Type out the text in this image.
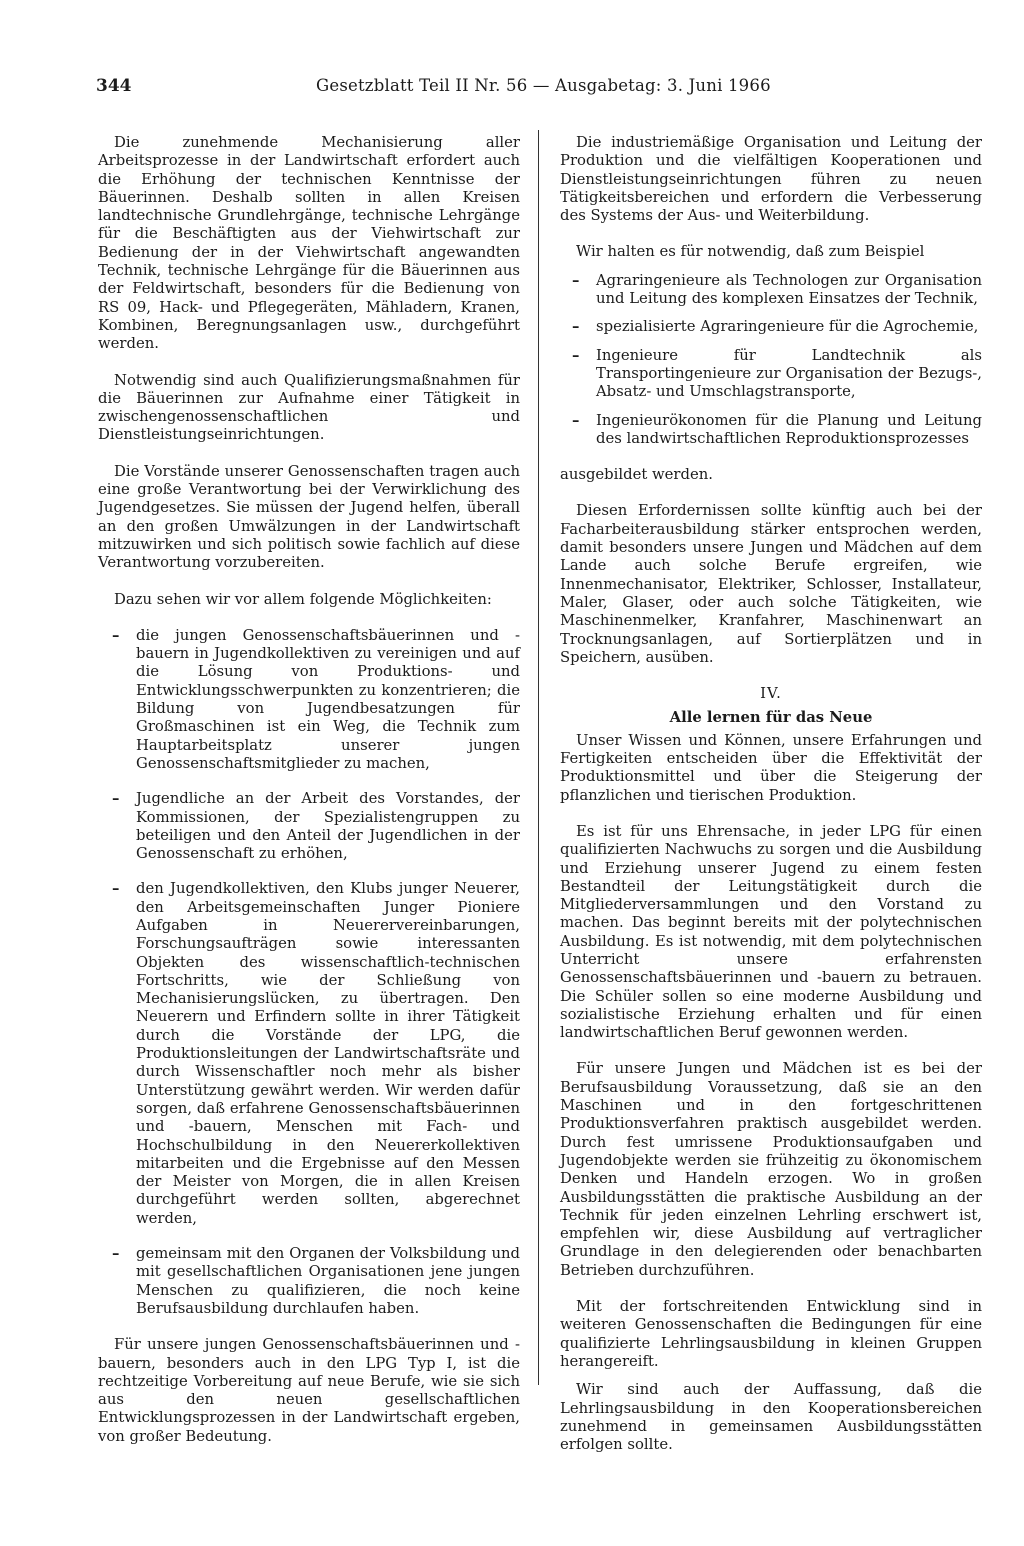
344	Gesetzblatt Teil II Nr. 56 — Ausgabetag: 3. Juni 1966

Die zunehmende Mechanisierung aller Arbeitsprozesse in der Landwirtschaft erfordert auch die Erhöhung der technischen Kenntnisse der Bäuerinnen. Deshalb sollten in allen Kreisen landtechnische Grundlehrgänge, technische Lehrgänge für die Beschäftigten aus der Viehwirtschaft zur Bedienung der in der Viehwirtschaft angewandten Technik, technische Lehrgänge für die Bäuerinnen aus der Feldwirtschaft, besonders für die Bedienung von RS 09, Hack- und Pflegegeräten, Mähladern, Kranen, Kombinen, Beregnungsanlagen usw., durchgeführt werden.

Notwendig sind auch Qualifizierungsmaßnahmen für die Bäuerinnen zur Aufnahme einer Tätigkeit in zwischengenossenschaftlichen und Dienstleistungseinrichtungen.

Die Vorstände unserer Genossenschaften tragen auch eine große Verantwortung bei der Verwirklichung des Jugendgesetzes. Sie müssen der Jugend helfen, überall an den großen Umwälzungen in der Landwirtschaft mitzuwirken und sich politisch sowie fachlich auf diese Verantwortung vorzubereiten.

Dazu sehen wir vor allem folgende Möglichkeiten:

– die jungen Genossenschaftsbäuerinnen und -bauern in Jugendkollektiven zu vereinigen und auf die Lösung von Produktions- und Entwicklungsschwerpunkten zu konzentrieren; die Bildung von Jugendbesatzungen für Großmaschinen ist ein Weg, die Technik zum Hauptarbeitsplatz unserer jungen Genossenschaftsmitglieder zu machen,
– Jugendliche an der Arbeit des Vorstandes, der Kommissionen, der Spezialistengruppen zu beteiligen und den Anteil der Jugendlichen in der Genossenschaft zu erhöhen,
– den Jugendkollektiven, den Klubs junger Neuerer, den Arbeitsgemeinschaften Junger Pioniere Aufgaben in Neuerervereinbarungen, Forschungsaufträgen sowie interessanten Objekten des wissenschaftlich-technischen Fortschritts, wie der Schließung von Mechanisierungslücken, zu übertragen. Den Neuerern und Erfindern sollte in ihrer Tätigkeit durch die Vorstände der LPG, die Produktionsleitungen der Landwirtschaftsräte und durch Wissenschaftler noch mehr als bisher Unterstützung gewährt werden. Wir werden dafür sorgen, daß erfahrene Genossenschaftsbäuerinnen und -bauern, Menschen mit Fach- und Hochschulbildung in den Neuererkollektiven mitarbeiten und die Ergebnisse auf den Messen der Meister von Morgen, die in allen Kreisen durchgeführt werden sollten, abgerechnet werden,
– gemeinsam mit den Organen der Volksbildung und mit gesellschaftlichen Organisationen jene jungen Menschen zu qualifizieren, die noch keine Berufsausbildung durchlaufen haben.

Für unsere jungen Genossenschaftsbäuerinnen und -bauern, besonders auch in den LPG Typ I, ist die rechtzeitige Vorbereitung auf neue Berufe, wie sie sich aus den neuen gesellschaftlichen Entwicklungsprozessen in der Landwirtschaft ergeben, von großer Bedeutung.

Die industriemäßige Organisation und Leitung der Produktion und die vielfältigen Kooperationen und Dienstleistungseinrichtungen führen zu neuen Tätigkeitsbereichen und erfordern die Verbesserung des Systems der Aus- und Weiterbildung.

Wir halten es für notwendig, daß zum Beispiel

– Agraringenieure als Technologen zur Organisation und Leitung des komplexen Einsatzes der Technik,
– spezialisierte Agraringenieure für die Agrochemie,
– Ingenieure für Landtechnik als Transportingenieure zur Organisation der Bezugs-, Absatz- und Umschlagstransporte,
– Ingenieurökonomen für die Planung und Leitung des landwirtschaftlichen Reproduktionsprozesses

ausgebildet werden.

Diesen Erfordernissen sollte künftig auch bei der Facharbeiterausbildung stärker entsprochen werden, damit besonders unsere Jungen und Mädchen auf dem Lande auch solche Berufe ergreifen, wie Innenmechanisator, Elektriker, Schlosser, Installateur, Maler, Glaser, oder auch solche Tätigkeiten, wie Maschinenmelker, Kranfahrer, Maschinenwart an Trocknungsanlagen, auf Sortierplätzen und in Speichern, ausüben.

IV.
Alle lernen für das Neue

Unser Wissen und Können, unsere Erfahrungen und Fertigkeiten entscheiden über die Effektivität der Produktionsmittel und über die Steigerung der pflanzlichen und tierischen Produktion.

Es ist für uns Ehrensache, in jeder LPG für einen qualifizierten Nachwuchs zu sorgen und die Ausbildung und Erziehung unserer Jugend zu einem festen Bestandteil der Leitungstätigkeit durch die Mitgliederversammlungen und den Vorstand zu machen. Das beginnt bereits mit der polytechnischen Ausbildung. Es ist notwendig, mit dem polytechnischen Unterricht unsere erfahrensten Genossenschaftsbäuerinnen und -bauern zu betrauen. Die Schüler sollen so eine moderne Ausbildung und sozialistische Erziehung erhalten und für einen landwirtschaftlichen Beruf gewonnen werden.

Für unsere Jungen und Mädchen ist es bei der Berufsausbildung Voraussetzung, daß sie an den Maschinen und in den fortgeschrittenen Produktionsverfahren praktisch ausgebildet werden. Durch fest umrissene Produktionsaufgaben und Jugendobjekte werden sie frühzeitig zu ökonomischem Denken und Handeln erzogen. Wo in großen Ausbildungsstätten die praktische Ausbildung an der Technik für jeden einzelnen Lehrling erschwert ist, empfehlen wir, diese Ausbildung auf vertraglicher Grundlage in den delegierenden oder benachbarten Betrieben durchzuführen.

Mit der fortschreitenden Entwicklung sind in weiteren Genossenschaften die Bedingungen für eine qualifizierte Lehrlingsausbildung in kleinen Gruppen herangereift.

Wir sind auch der Auffassung, daß die Lehrlingsausbildung in den Kooperationsbereichen zunehmend in gemeinsamen Ausbildungsstätten erfolgen sollte.
